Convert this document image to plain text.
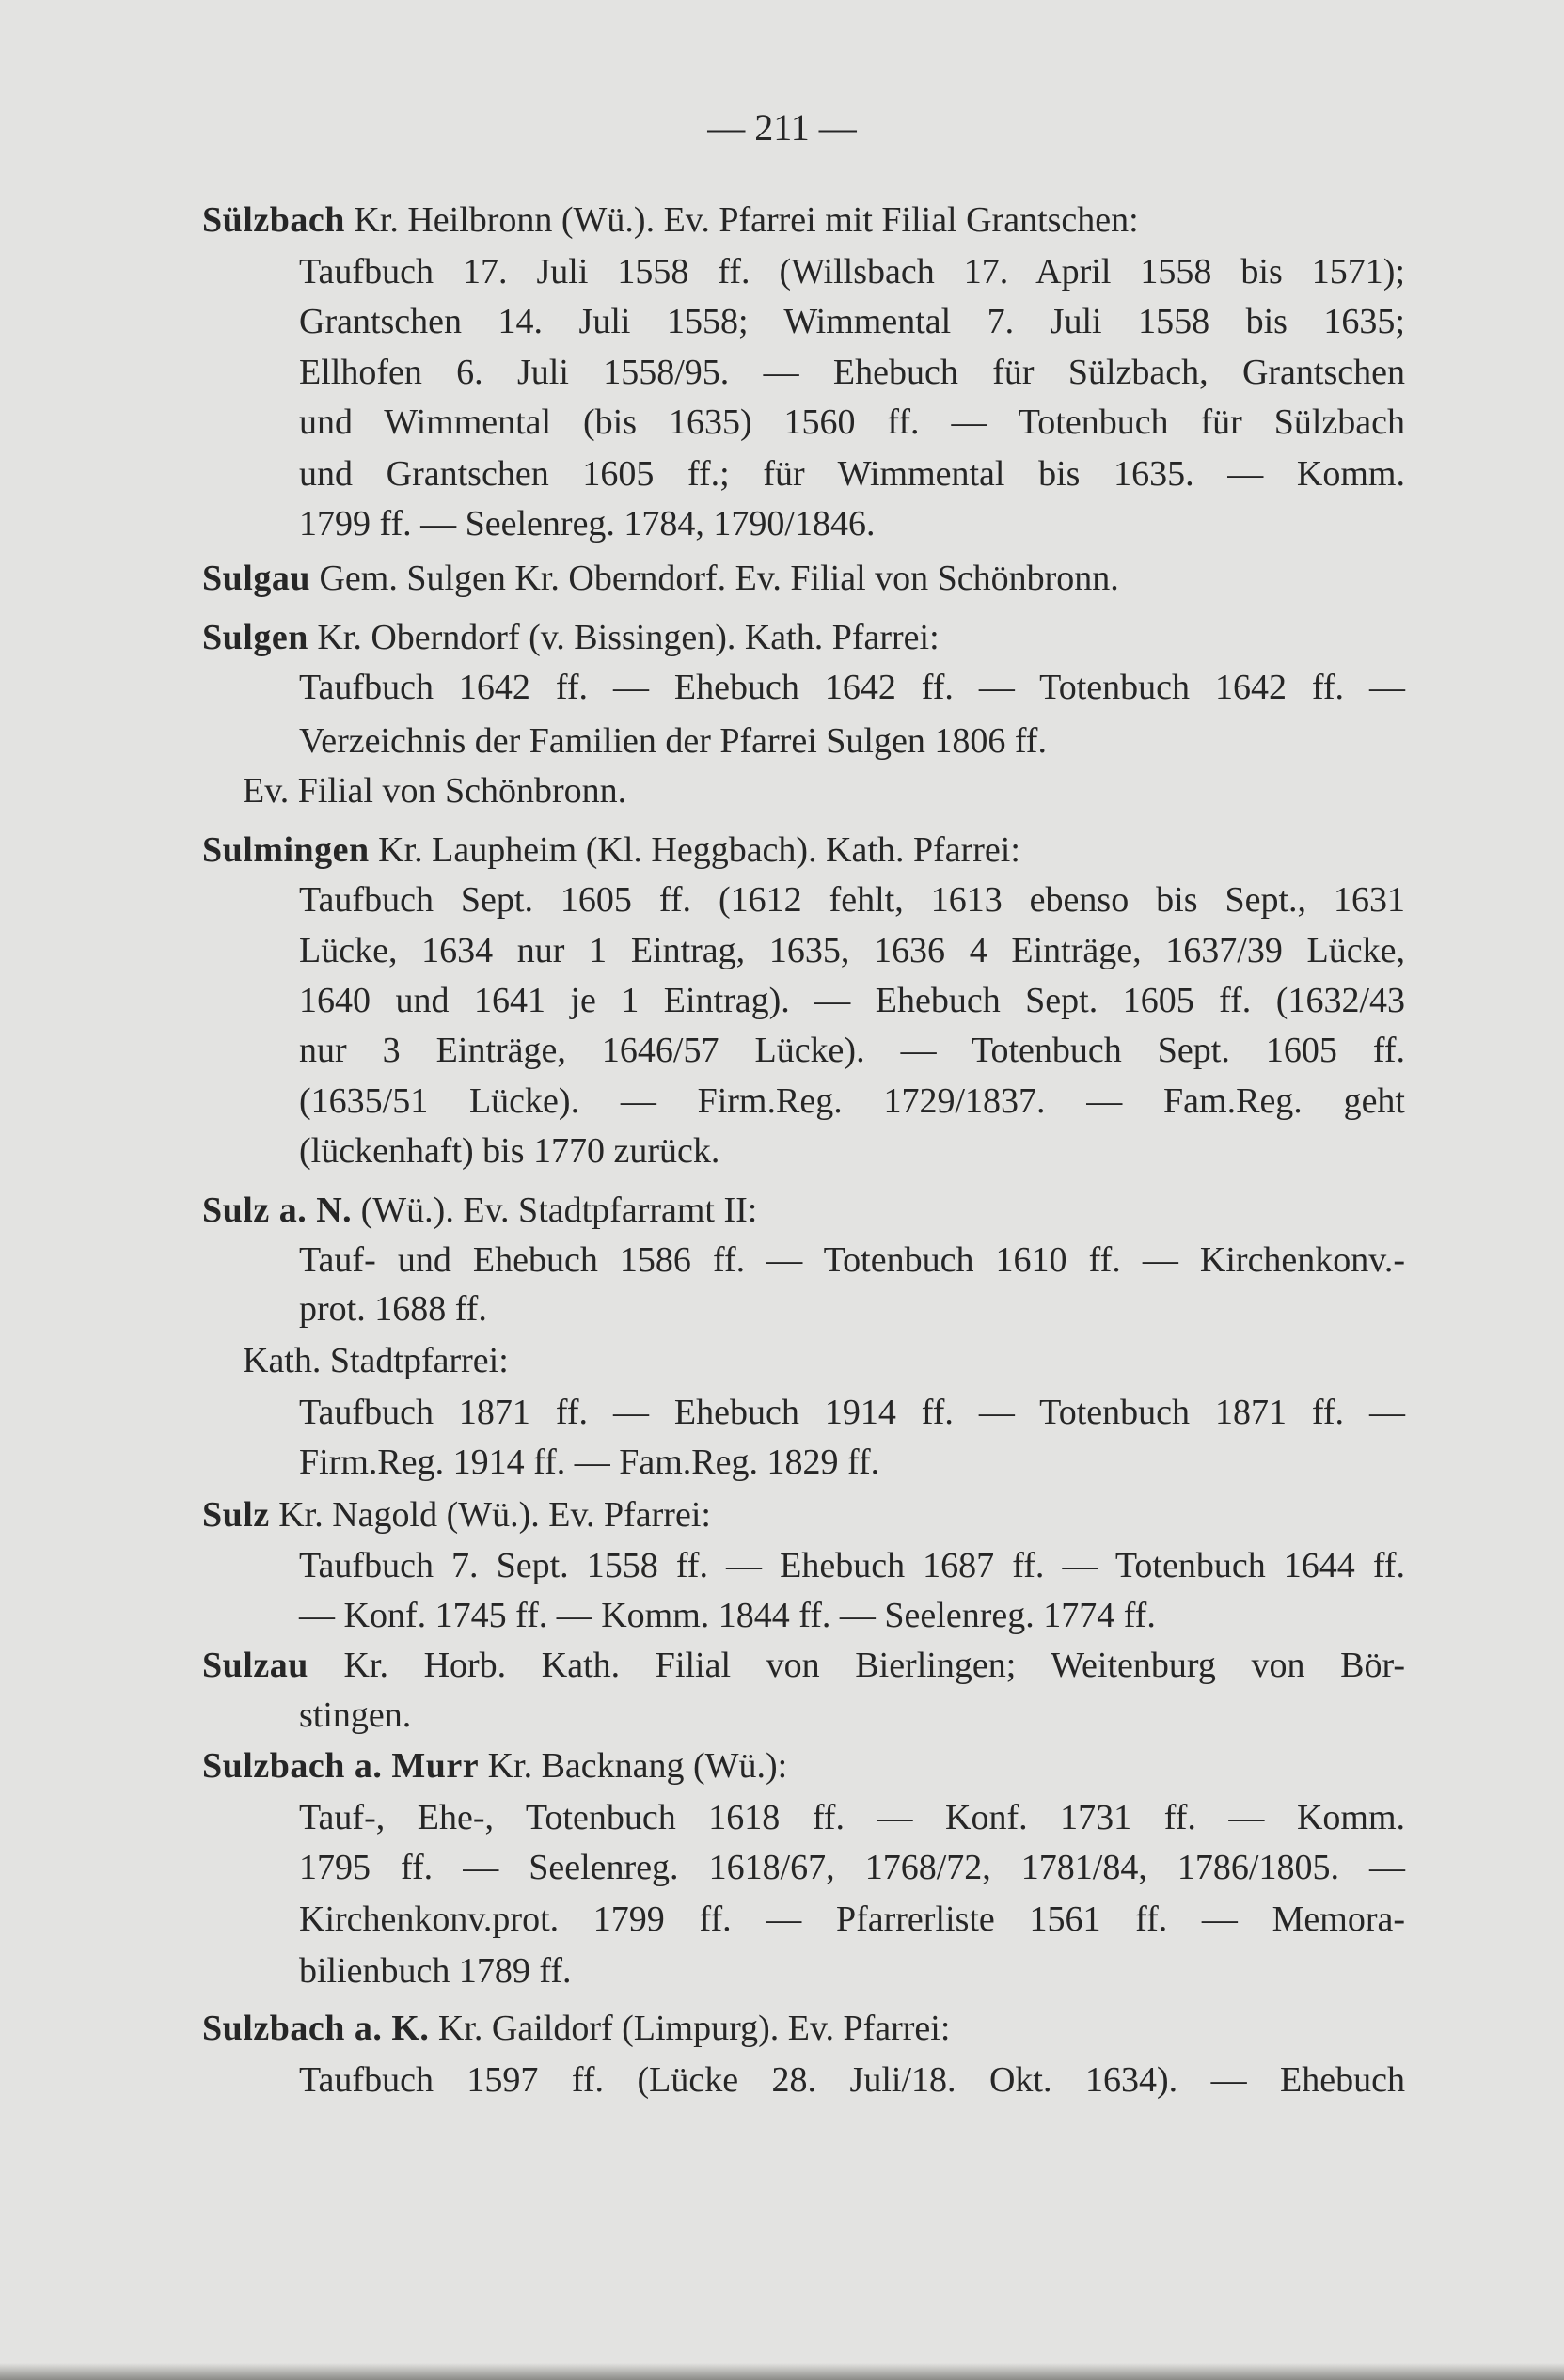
— 211 —
Sülzbach Kr. Heilbronn (Wü.). Ev. Pfarrei mit Filial Grantschen:
Taufbuch 17. Juli 1558 ff. (Willsbach 17. April 1558 bis 1571);
Grantschen 14. Juli 1558; Wimmental 7. Juli 1558 bis 1635;
Ellhofen 6. Juli 1558/95. — Ehebuch für Sülzbach, Grantschen
und Wimmental (bis 1635) 1560 ff. — Totenbuch für Sülzbach
und Grantschen 1605 ff.; für Wimmental bis 1635. — Komm.
1799 ff. — Seelenreg. 1784, 1790/1846.
Sulgau Gem. Sulgen Kr. Oberndorf. Ev. Filial von Schönbronn.
Sulgen Kr. Oberndorf (v. Bissingen). Kath. Pfarrei:
Taufbuch 1642 ff. — Ehebuch 1642 ff. — Totenbuch 1642 ff. —
Verzeichnis der Familien der Pfarrei Sulgen 1806 ff.
Ev. Filial von Schönbronn.
Sulmingen Kr. Laupheim (Kl. Heggbach). Kath. Pfarrei:
Taufbuch Sept. 1605 ff. (1612 fehlt, 1613 ebenso bis Sept., 1631
Lücke, 1634 nur 1 Eintrag, 1635, 1636 4 Einträge, 1637/39 Lücke,
1640 und 1641 je 1 Eintrag). — Ehebuch Sept. 1605 ff. (1632/43
nur 3 Einträge, 1646/57 Lücke). — Totenbuch Sept. 1605 ff.
(1635/51 Lücke). — Firm.Reg. 1729/1837. — Fam.Reg. geht
(lückenhaft) bis 1770 zurück.
Sulz a. N. (Wü.). Ev. Stadtpfarramt II:
Tauf- und Ehebuch 1586 ff. — Totenbuch 1610 ff. — Kirchenkonv.-
prot. 1688 ff.
Kath. Stadtpfarrei:
Taufbuch 1871 ff. — Ehebuch 1914 ff. — Totenbuch 1871 ff. —
Firm.Reg. 1914 ff. — Fam.Reg. 1829 ff.
Sulz Kr. Nagold (Wü.). Ev. Pfarrei:
Taufbuch 7. Sept. 1558 ff. — Ehebuch 1687 ff. — Totenbuch 1644 ff.
— Konf. 1745 ff. — Komm. 1844 ff. — Seelenreg. 1774 ff.
Sulzau Kr. Horb. Kath. Filial von Bierlingen; Weitenburg von Bör-
stingen.
Sulzbach a. Murr Kr. Backnang (Wü.):
Tauf-, Ehe-, Totenbuch 1618 ff. — Konf. 1731 ff. — Komm.
1795 ff. — Seelenreg. 1618/67, 1768/72, 1781/84, 1786/1805. —
Kirchenkonv.prot. 1799 ff. — Pfarrerliste 1561 ff. — Memora-
bilienbuch 1789 ff.
Sulzbach a. K. Kr. Gaildorf (Limpurg). Ev. Pfarrei:
Taufbuch 1597 ff. (Lücke 28. Juli/18. Okt. 1634). — Ehebuch
